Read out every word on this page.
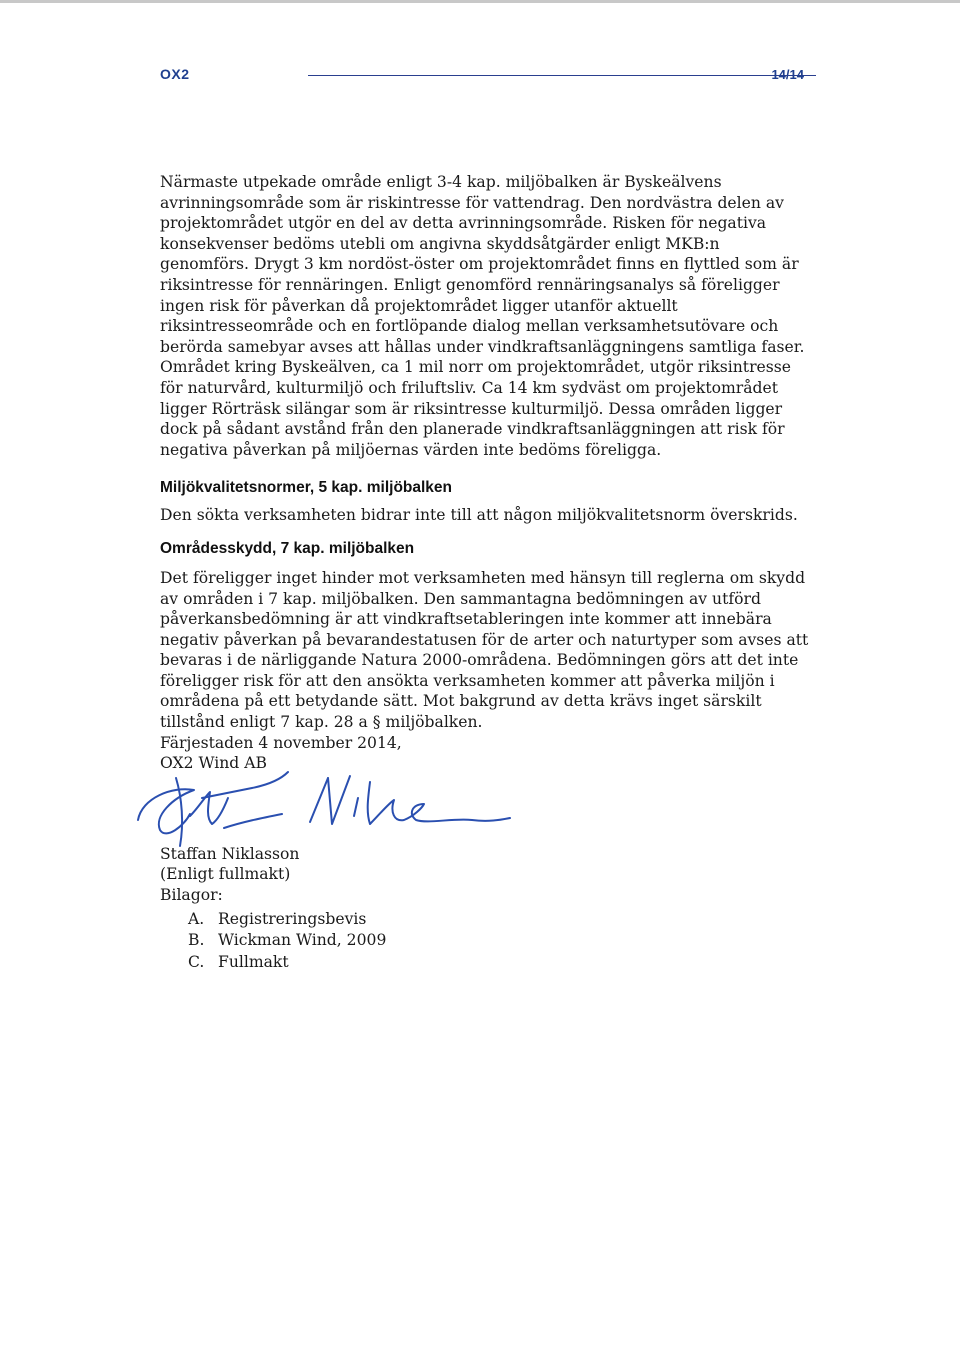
OX2	14/14

Närmaste utpekade område enligt 3-4 kap. miljöbalken är Byskeälvens avrinningsområde som är riskintresse för vattendrag. Den nordvästra delen av projektområdet utgör en del av detta avrinningsområde. Risken för negativa konsekvenser bedöms utebli om angivna skyddsåtgärder enligt MKB:n genomförs. Drygt 3 km nordöst-öster om projektområdet finns en flyttled som är riksintresse för rennäringen. Enligt genomförd rennäringsanalys så föreligger ingen risk för påverkan då projektområdet ligger utanför aktuellt riksintresseområde och en fortlöpande dialog mellan verksamhetsutövare och berörda samebyar avses att hållas under vindkraftsanläggningens samtliga faser.

Området kring Byskeälven, ca 1 mil norr om projektområdet, utgör riksintresse för naturvård, kulturmiljö och friluftsliv. Ca 14 km sydväst om projektområdet ligger Rörträsk silängar som är riksintresse kulturmiljö. Dessa områden ligger dock på sådant avstånd från den planerade vindkraftsanläggningen att risk för negativa påverkan på miljöernas värden inte bedöms föreligga.

Miljökvalitetsnormer, 5 kap. miljöbalken

Den sökta verksamheten bidrar inte till att någon miljökvalitetsnorm överskrids.

Områdesskydd, 7 kap. miljöbalken

Det föreligger inget hinder mot verksamheten med hänsyn till reglerna om skydd av områden i 7 kap. miljöbalken. Den sammantagna bedömningen av utförd påverkansbedömning är att vindkraftsetableringen inte kommer att innebära negativ påverkan på bevarandestatusen för de arter och naturtyper som avses att bevaras i de närliggande Natura 2000-områdena. Bedömningen görs att det inte föreligger risk för att den ansökta verksamheten kommer att påverka miljön i områdena på ett betydande sätt. Mot bakgrund av detta krävs inget särskilt tillstånd enligt 7 kap. 28 a § miljöbalken.

Färjestaden 4 november 2014,

OX2 Wind AB

Staffan Niklasson

(Enligt fullmakt)

Bilagor:

A. Registreringsbevis
B. Wickman Wind, 2009
C. Fullmakt
